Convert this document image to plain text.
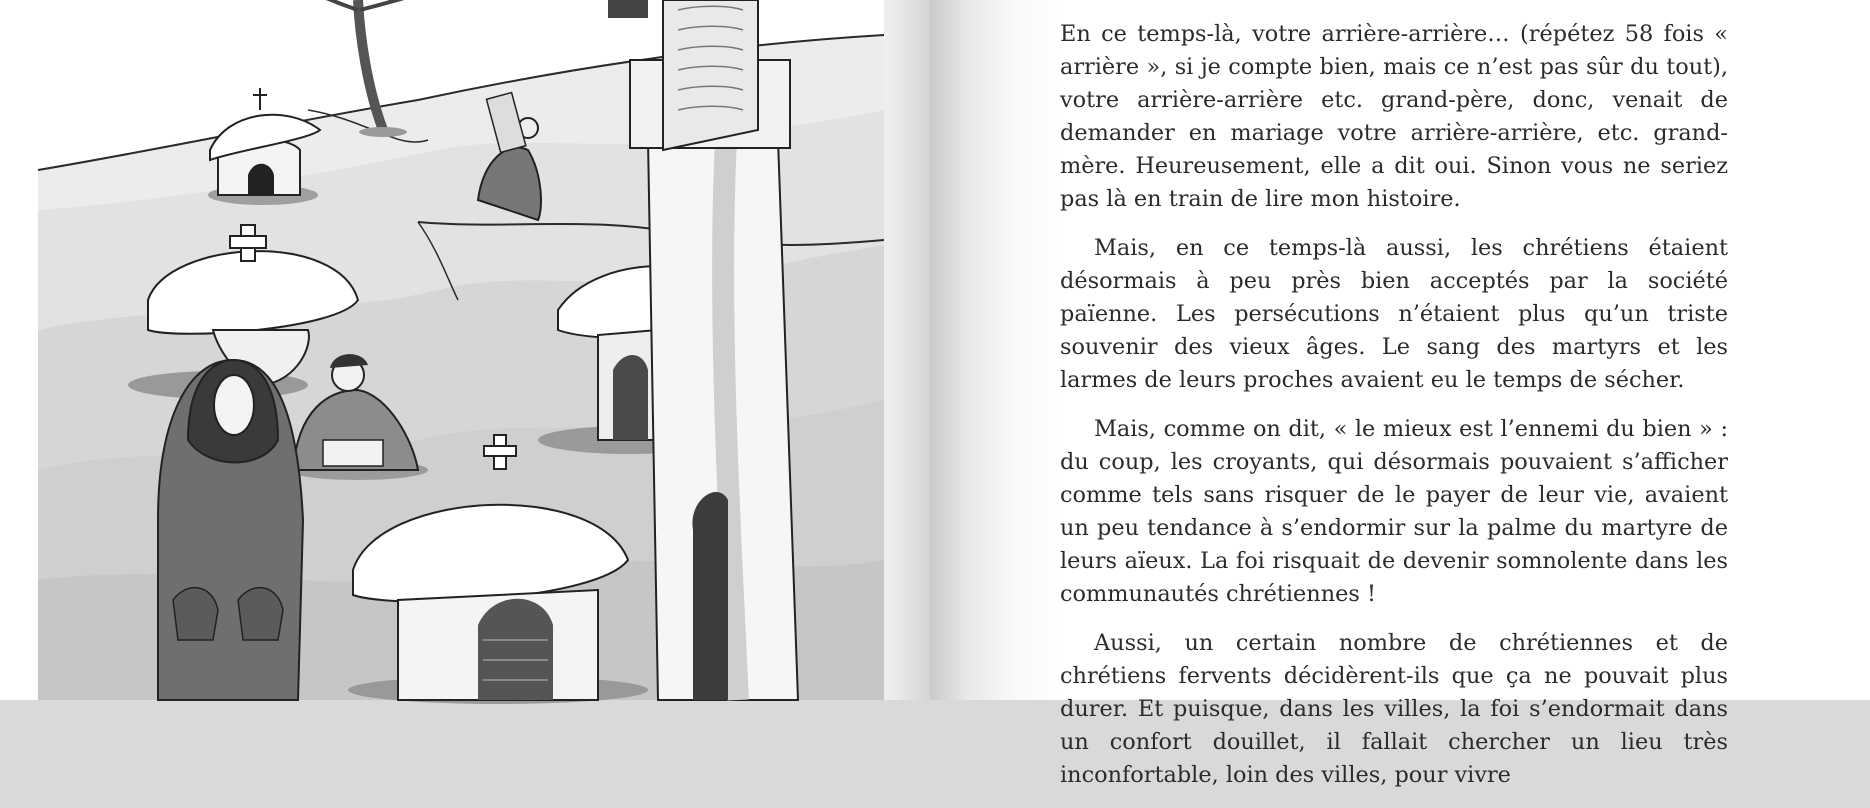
En ce temps-là, votre arrière-arrière… (répétez 58 fois « arrière », si je compte bien, mais ce n’est pas sûr du tout), votre arrière-arrière etc. grand-père, donc, venait de demander en mariage votre arrière-arrière, etc. grand-mère. Heureusement, elle a dit oui. Sinon vous ne seriez pas là en train de lire mon histoire.

Mais, en ce temps-là aussi, les chrétiens étaient désormais à peu près bien acceptés par la société païenne. Les persécutions n’étaient plus qu’un triste souvenir des vieux âges. Le sang des martyrs et les larmes de leurs proches avaient eu le temps de sécher.

Mais, comme on dit, « le mieux est l’ennemi du bien » : du coup, les croyants, qui désormais pouvaient s’afficher comme tels sans risquer de le payer de leur vie, avaient un peu tendance à s’endormir sur la palme du martyre de leurs aïeux. La foi risquait de devenir somnolente dans les communautés chrétiennes !

Aussi, un certain nombre de chrétiennes et de chrétiens fervents décidèrent-ils que ça ne pouvait plus durer. Et puisque, dans les villes, la foi s’endormait dans un confort douillet, il fallait chercher un lieu très inconfortable, loin des villes, pour vivre
